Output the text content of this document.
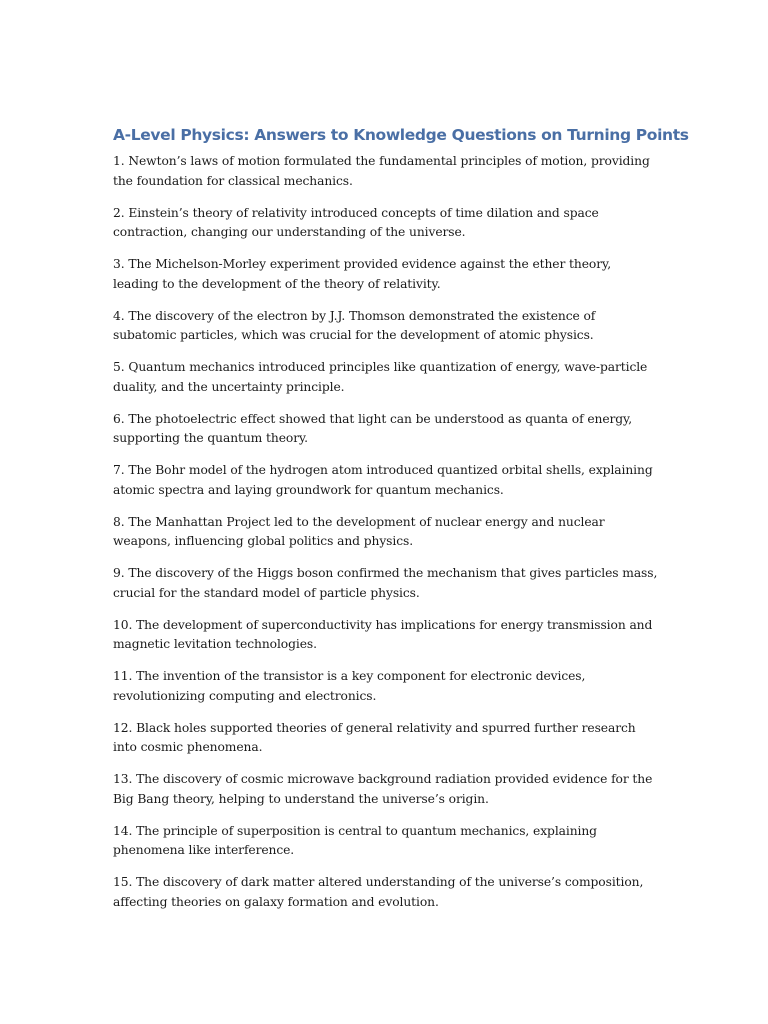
A-Level Physics: Answers to Knowledge Questions on Turning Points
1. Newton’s laws of motion formulated the fundamental principles of motion, providing the foundation for classical mechanics.
2. Einstein’s theory of relativity introduced concepts of time dilation and space contraction, changing our understanding of the universe.
3. The Michelson-Morley experiment provided evidence against the ether theory, leading to the development of the theory of relativity.
4. The discovery of the electron by J.J. Thomson demonstrated the existence of subatomic particles, which was crucial for the development of atomic physics.
5. Quantum mechanics introduced principles like quantization of energy, wave-particle duality, and the uncertainty principle.
6. The photoelectric effect showed that light can be understood as quanta of energy, supporting the quantum theory.
7. The Bohr model of the hydrogen atom introduced quantized orbital shells, explaining atomic spectra and laying groundwork for quantum mechanics.
8. The Manhattan Project led to the development of nuclear energy and nuclear weapons, influencing global politics and physics.
9. The discovery of the Higgs boson confirmed the mechanism that gives particles mass, crucial for the standard model of particle physics.
10. The development of superconductivity has implications for energy transmission and magnetic levitation technologies.
11. The invention of the transistor is a key component for electronic devices, revolutionizing computing and electronics.
12. Black holes supported theories of general relativity and spurred further research into cosmic phenomena.
13. The discovery of cosmic microwave background radiation provided evidence for the Big Bang theory, helping to understand the universe’s origin.
14. The principle of superposition is central to quantum mechanics, explaining phenomena like interference.
15. The discovery of dark matter altered understanding of the universe’s composition, affecting theories on galaxy formation and evolution.
